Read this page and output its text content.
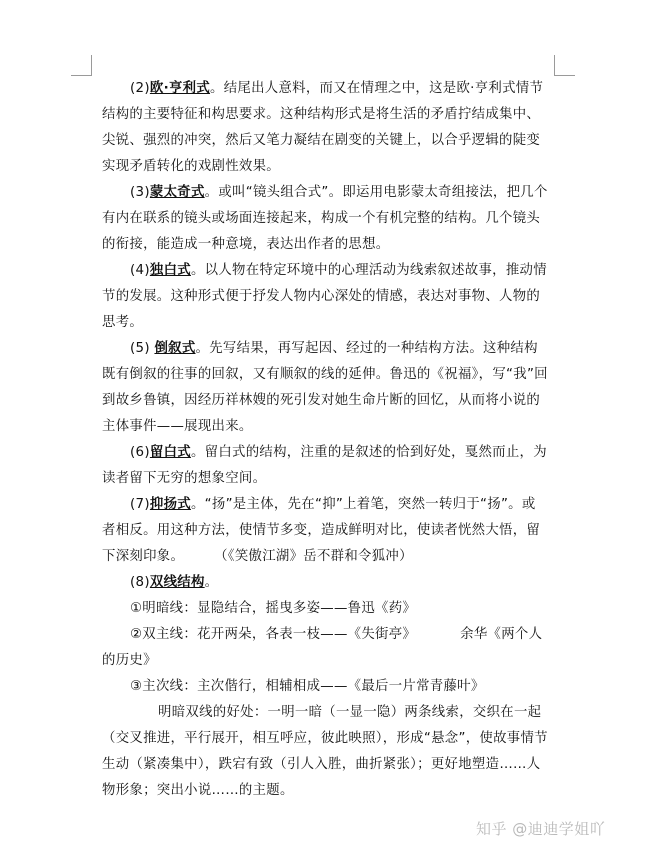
(2)欧·亨利式。结尾出人意料，而又在情理之中，这是欧·亨利式情节结构的主要特征和构思要求。这种结构形式是将生活的矛盾拧结成集中、尖锐、强烈的冲突，然后又笔力凝结在剧变的关键上，以合乎逻辑的陡变实现矛盾转化的戏剧性效果。

(3)蒙太奇式。或叫“镜头组合式”。即运用电影蒙太奇组接法，把几个有内在联系的镜头或场面连接起来，构成一个有机完整的结构。几个镜头的衔接，能造成一种意境，表达出作者的思想。

(4)独白式。以人物在特定环境中的心理活动为线索叙述故事，推动情节的发展。这种形式便于抒发人物内心深处的情感，表达对事物、人物的思考。

(5) 倒叙式。先写结果，再写起因、经过的一种结构方法。这种结构既有倒叙的往事的回叙，又有顺叙的线的延伸。鲁迅的《祝福》，写“我”回到故乡鲁镇，因经历祥林嫂的死引发对她生命片断的回忆，从而将小说的主体事件——展现出来。

(6)留白式。留白式的结构，注重的是叙述的恰到好处，戛然而止，为读者留下无穷的想象空间。

(7)抑扬式。“扬”是主体，先在“抑”上着笔，突然一转归于“扬”。或者相反。用这种方法，使情节多变，造成鲜明对比，使读者恍然大悟，留下深刻印象。 （《笑傲江湖》岳不群和令狐冲）

(8)双线结构。

①明暗线：显隐结合，摇曳多姿——鲁迅《药》

②双主线：花开两朵，各表一枝——《失街亭》	余华《两个人的历史》

③主次线：主次偕行，相辅相成——《最后一片常青藤叶》

明暗双线的好处：一明一暗（一显一隐）两条线索，交织在一起（交叉推进，平行展开，相互呼应，彼此映照），形成“悬念”，使故事情节生动（紧凑集中），跌宕有致（引人入胜，曲折紧张）；更好地塑造……人物形象；突出小说……的主题。

知乎 @迪迪学姐吖
